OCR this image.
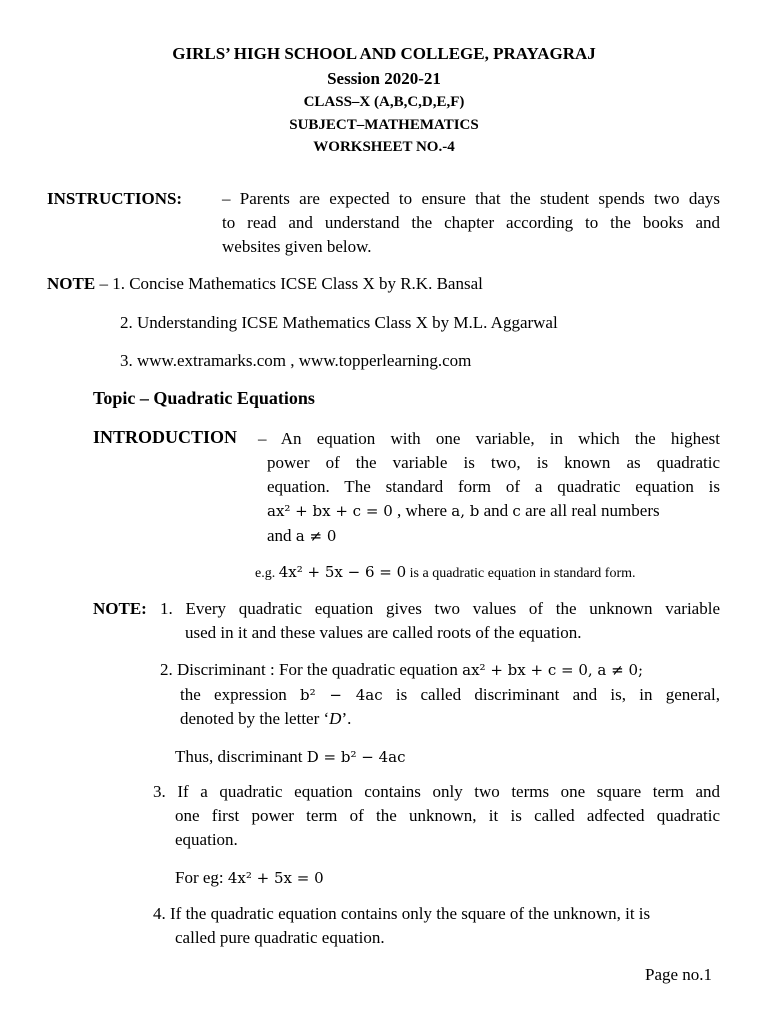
GIRLS’ HIGH SCHOOL AND COLLEGE, PRAYAGRAJ
Session 2020-21
CLASS–X (A,B,C,D,E,F)
SUBJECT–MATHEMATICS
WORKSHEET NO.-4
INSTRUCTIONS: – Parents are expected to ensure that the student spends two days
to read and understand the chapter according to the books and
websites given below.
NOTE – 1. Concise Mathematics ICSE Class X by R.K. Bansal
2. Understanding ICSE Mathematics Class X by M.L. Aggarwal
3. www.extramarks.com , www.topperlearning.com
Topic – Quadratic Equations
INTRODUCTION – An equation with one variable, in which the highest
power of the variable is two, is known as quadratic
equation. The standard form of a quadratic equation is
ax² + bx + c = 0 , where a, b and c are all real numbers
and a ≠ 0
e.g. 4x² + 5x − 6 = 0 is a quadratic equation in standard form.
NOTE: 1. Every quadratic equation gives two values of the unknown variable
used in it and these values are called roots of the equation.
2. Discriminant : For the quadratic equation ax² + bx + c = 0, a ≠ 0;
the expression b² − 4ac is called discriminant and is, in general,
denoted by the letter ‘D’.
Thus, discriminant D = b² − 4ac
3. If a quadratic equation contains only two terms one square term and
one first power term of the unknown, it is called adfected quadratic
equation.
For eg: 4x² + 5x = 0
4. If the quadratic equation contains only the square of the unknown, it is
called pure quadratic equation.
Page no.1
